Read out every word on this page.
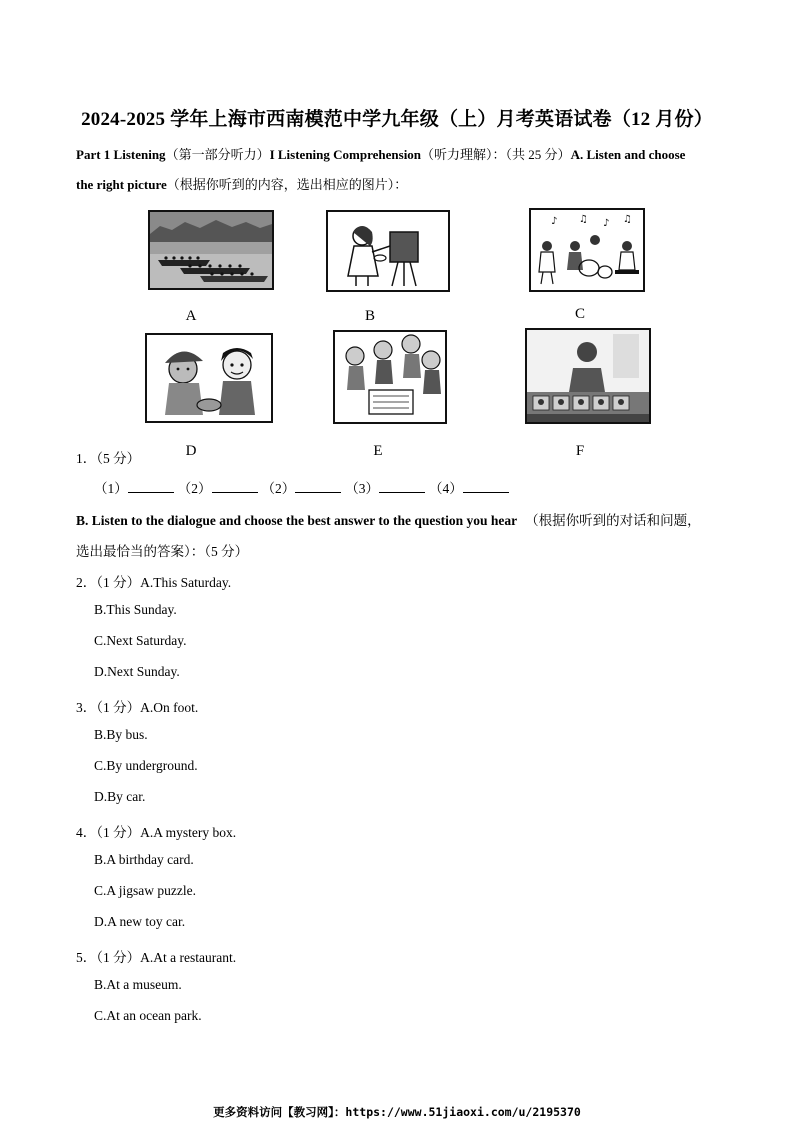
2024-2025 学年上海市西南模范中学九年级（上）月考英语试卷（12 月份）
Part 1 Listening（第一部分听力）I Listening Comprehension（听力理解）：（共 25 分）A. Listen and choose
the right picture（根据你听到的内容，选出相应的图片）：
♪ ♫ ♪ ♫
A	B	C
D	E	F
1．（5 分）
（1）	（2）	（2）	（3）	（4）
B. Listen to the dialogue and choose the best answer to the question you hear （根据你听到的对话和问题，
选出最恰当的答案）：（5 分）
2．（1 分）A.This Saturday.
B.This Sunday.
C.Next Saturday.
D.Next Sunday.
3．（1 分）A.On foot.
B.By bus.
C.By underground.
D.By car.
4．（1 分）A.A mystery box.
B.A birthday card.
C.A jigsaw puzzle.
D.A new toy car.
5．（1 分）A.At a restaurant.
B.At a museum.
C.At an ocean park.
更多资料访问【教习网】：https://www.51jiaoxi.com/u/2195370
